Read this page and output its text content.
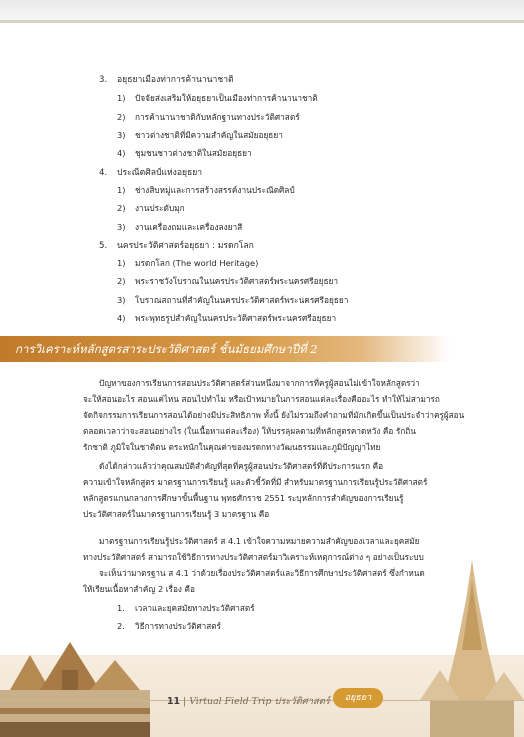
3. อยุธยาเมืองท่าการค้านานาชาติ
1) ปัจจัยส่งเสริมให้อยุธยาเป็นเมืองท่าการค้านานาชาติ
2) การค้านานาชาติกับหลักฐานทางประวัติศาสตร์
3) ชาวต่างชาติที่มีความสำคัญในสมัยอยุธยา
4) ชุมชนชาวต่างชาติในสมัยอยุธยา
4. ประณีตศิลป์แห่งอยุธยา
1) ช่างสิบหมู่และการสร้างสรรค์งานประณีตศิลป์
2) งานประดับมุก
3) งานเครื่องถมและเครื่องลงยาสี
5. นครประวัติศาสตร์อยุธยา : มรดกโลก
1) มรดกโลก (The world Heritage)
2) พระราชวังโบราณในนครประวัติศาสตร์พระนครศรีอยุธยา
3) โบราณสถานที่สำคัญในนครประวัติศาสตร์พระนครศรีอยุธยา
4) พระพุทธรูปสำคัญในนครประวัติศาสตร์พระนครศรีอยุธยา
การวิเคราะห์หลักสูตรสาระประวัติศาสตร์ ชั้นมัธยมศึกษาปีที่ 2
ปัญหาของการเรียนการสอนประวัติศาสตร์ส่วนหนึ่งมาจากการที่ครูผู้สอนไม่เข้าใจหลักสูตรว่า
จะให้สอนอะไร สอนแค่ไหน สอนไปทำไม หรือเป้าหมายในการสอนแต่ละเรื่องคืออะไร ทำให้ไม่สามารถ
จัดกิจกรรมการเรียนการสอนได้อย่างมีประสิทธิภาพ ทั้งนี้ ยังไม่รวมถึงคำถามที่มักเกิดขึ้นเป็นประจำว่าครูผู้สอน
ตลอดเวลาว่าจะสอนอย่างไร (ในเนื้อหาแต่ละเรื่อง) ให้บรรลุผลตามที่หลักสูตรคาดหวัง คือ รักถิ่น
รักชาติ ภูมิใจในชาติตน ตระหนักในคุณค่าของมรดกทางวัฒนธรรมและภูมิปัญญาไทย
ดังได้กล่าวแล้วว่าคุณสมบัติสำคัญที่สุดที่ครูผู้สอนประวัติศาสตร์ที่ดีประการแรก คือ
ความเข้าใจหลักสูตร มาตรฐานการเรียนรู้ และตัวชี้วัดที่มี สำหรับมาตรฐานการเรียนรู้ประวัติศาสตร์
หลักสูตรแกนกลางการศึกษาขั้นพื้นฐาน พุทธศักราช 2551 ระบุหลักการสำคัญของการเรียนรู้
ประวัติศาสตร์ในมาตรฐานการเรียนรู้ 3 มาตรฐาน คือ
มาตรฐานการเรียนรู้ประวัติศาสตร์ ส 4.1 เข้าใจความหมายความสำคัญของเวลาและยุคสมัย
ทางประวัติศาสตร์ สามารถใช้วิธีการทางประวัติศาสตร์มาวิเคราะห์เหตุการณ์ต่าง ๆ อย่างเป็นระบบ
จะเห็นว่ามาตรฐาน ส 4.1 ว่าด้วยเรื่องประวัติศาสตร์และวิธีการศึกษาประวัติศาสตร์ ซึ่งกำหนด
ให้เรียนเนื้อหาสำคัญ 2 เรื่อง คือ
1. เวลาและยุคสมัยทางประวัติศาสตร์
2. วิธีการทางประวัติศาสตร์
11 | Virtual Field Trip ประวัติศาสตร์	อยุธยา
